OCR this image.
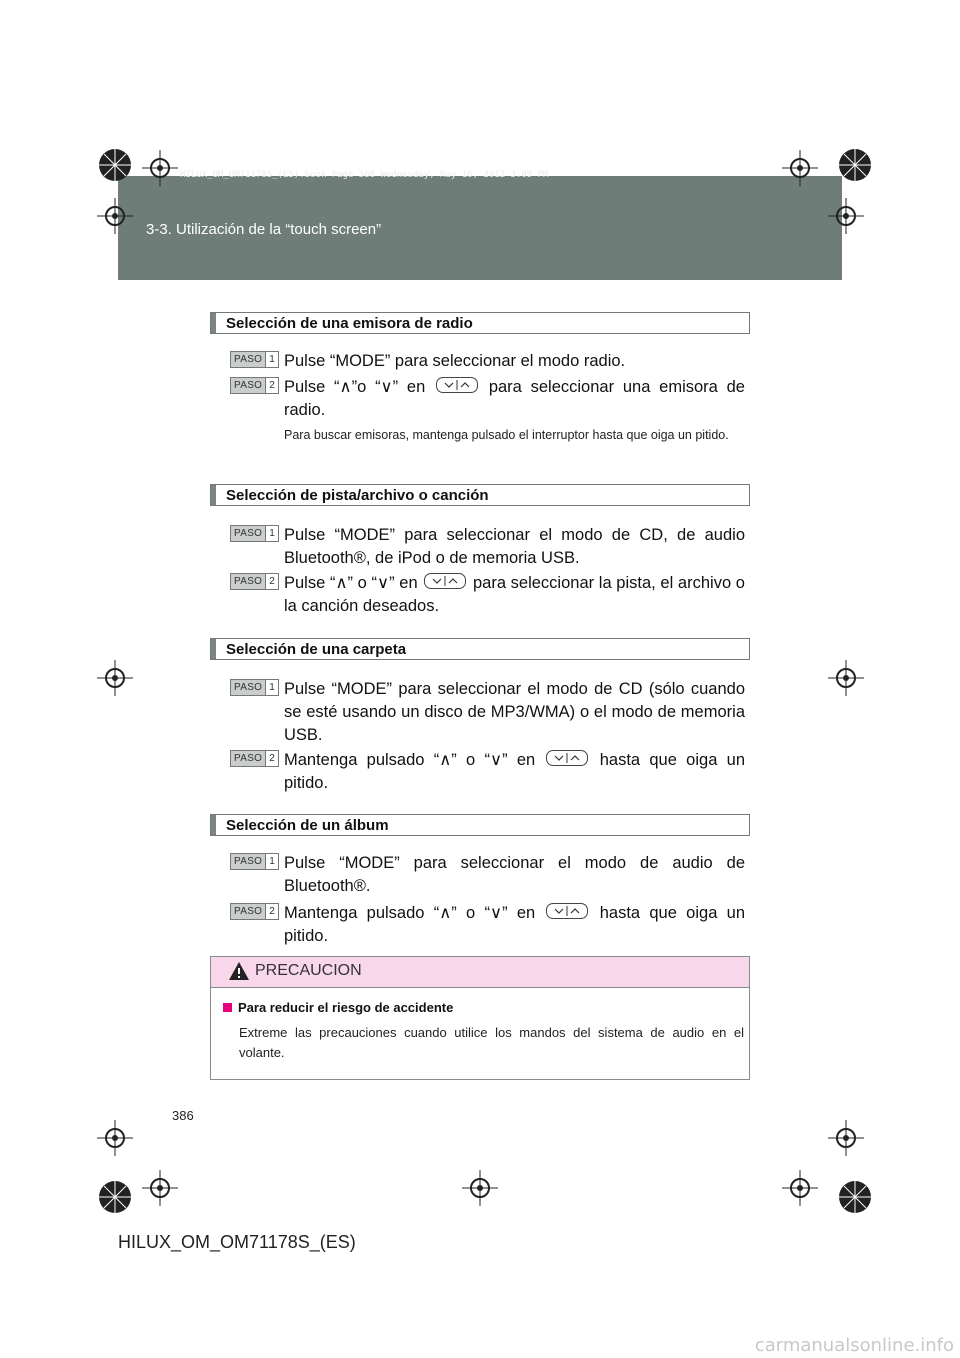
HILUX_OM_OM71178S_(ES).book Page 386 Wednesday, May 16, 2012 3:09 PM
3-3. Utilización de la “touch screen”
Selección de una emisora de radio
PASO 1 Pulse “MODE” para seleccionar el modo radio.
PASO 2 Pulse “∧”o “∨” en	para seleccionar una emisora de radio.
Para buscar emisoras, mantenga pulsado el interruptor hasta que oiga un pitido.
Selección de pista/archivo o canción
PASO 1 Pulse “MODE” para seleccionar el modo de CD, de audio Bluetooth®, de iPod o de memoria USB.
PASO 2 Pulse “∧” o “∨” en	para seleccionar la pista, el archivo o la canción deseados.
Selección de una carpeta
PASO 1 Pulse “MODE” para seleccionar el modo de CD (sólo cuando se esté usando un disco de MP3/WMA) o el modo de memoria USB.
PASO 2 Mantenga pulsado “∧” o “∨” en	hasta que oiga un pitido.
Selección de un álbum
PASO 1 Pulse “MODE” para seleccionar el modo de audio de Bluetooth®.
PASO 2 Mantenga pulsado “∧” o “∨” en	hasta que oiga un pitido.
PRECAUCION
Para reducir el riesgo de accidente
Extreme las precauciones cuando utilice los mandos del sistema de audio en el volante.
386
HILUX_OM_OM71178S_(ES)
carmanualsonline.info
